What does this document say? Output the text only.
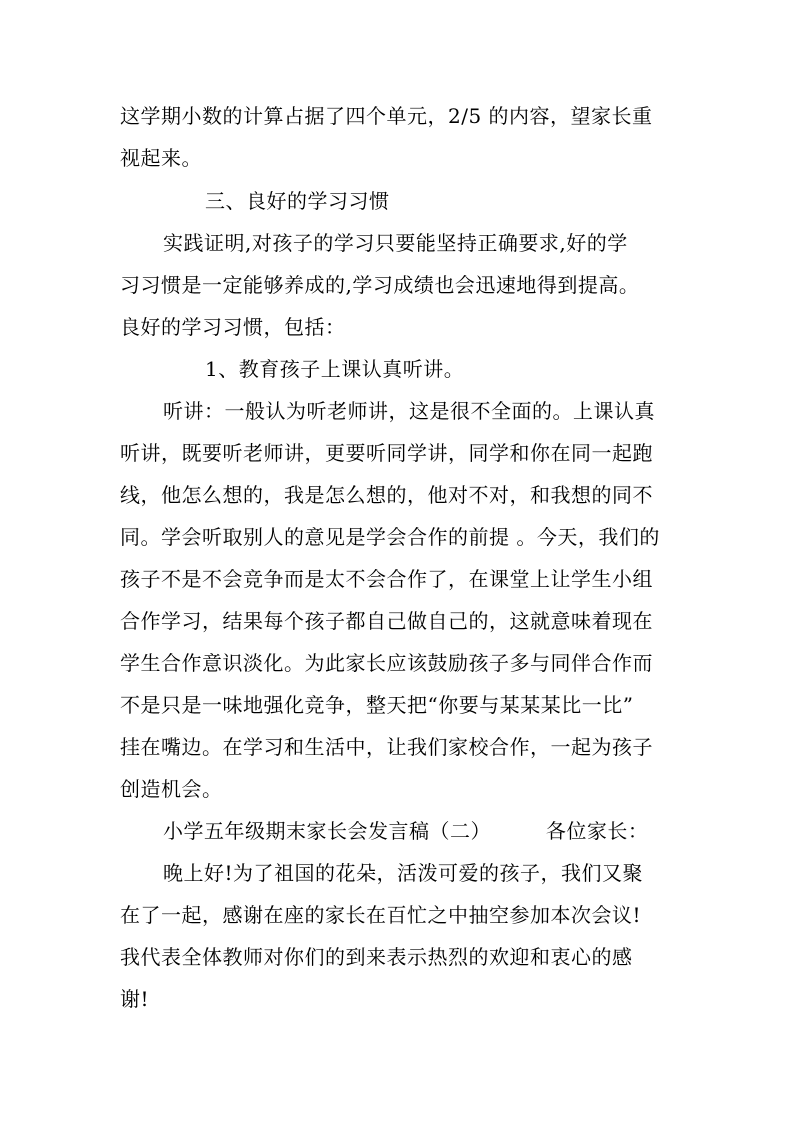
这学期小数的计算占据了四个单元，2/5 的内容，望家长重
视起来。
三、良好的学习习惯
实践证明,对孩子的学习只要能坚持正确要求,好的学
习习惯是一定能够养成的,学习成绩也会迅速地得到提高。
良好的学习习惯，包括：
1、教育孩子上课认真听讲。
听讲：一般认为听老师讲，这是很不全面的。上课认真
听讲，既要听老师讲，更要听同学讲，同学和你在同一起跑
线，他怎么想的，我是怎么想的，他对不对，和我想的同不
同。学会听取别人的意见是学会合作的前提 。今天，我们的
孩子不是不会竞争而是太不会合作了，在课堂上让学生小组
合作学习，结果每个孩子都自己做自己的，这就意味着现在
学生合作意识淡化。为此家长应该鼓励孩子多与同伴合作而
不是只是一味地强化竞争，整天把“你要与某某某比一比”
挂在嘴边。在学习和生活中，让我们家校合作，一起为孩子
创造机会。
小学五年级期末家长会发言稿（二）        各位家长：
晚上好!为了祖国的花朵，活泼可爱的孩子，我们又聚
在了一起，感谢在座的家长在百忙之中抽空参加本次会议!
我代表全体教师对你们的到来表示热烈的欢迎和衷心的感
谢!
